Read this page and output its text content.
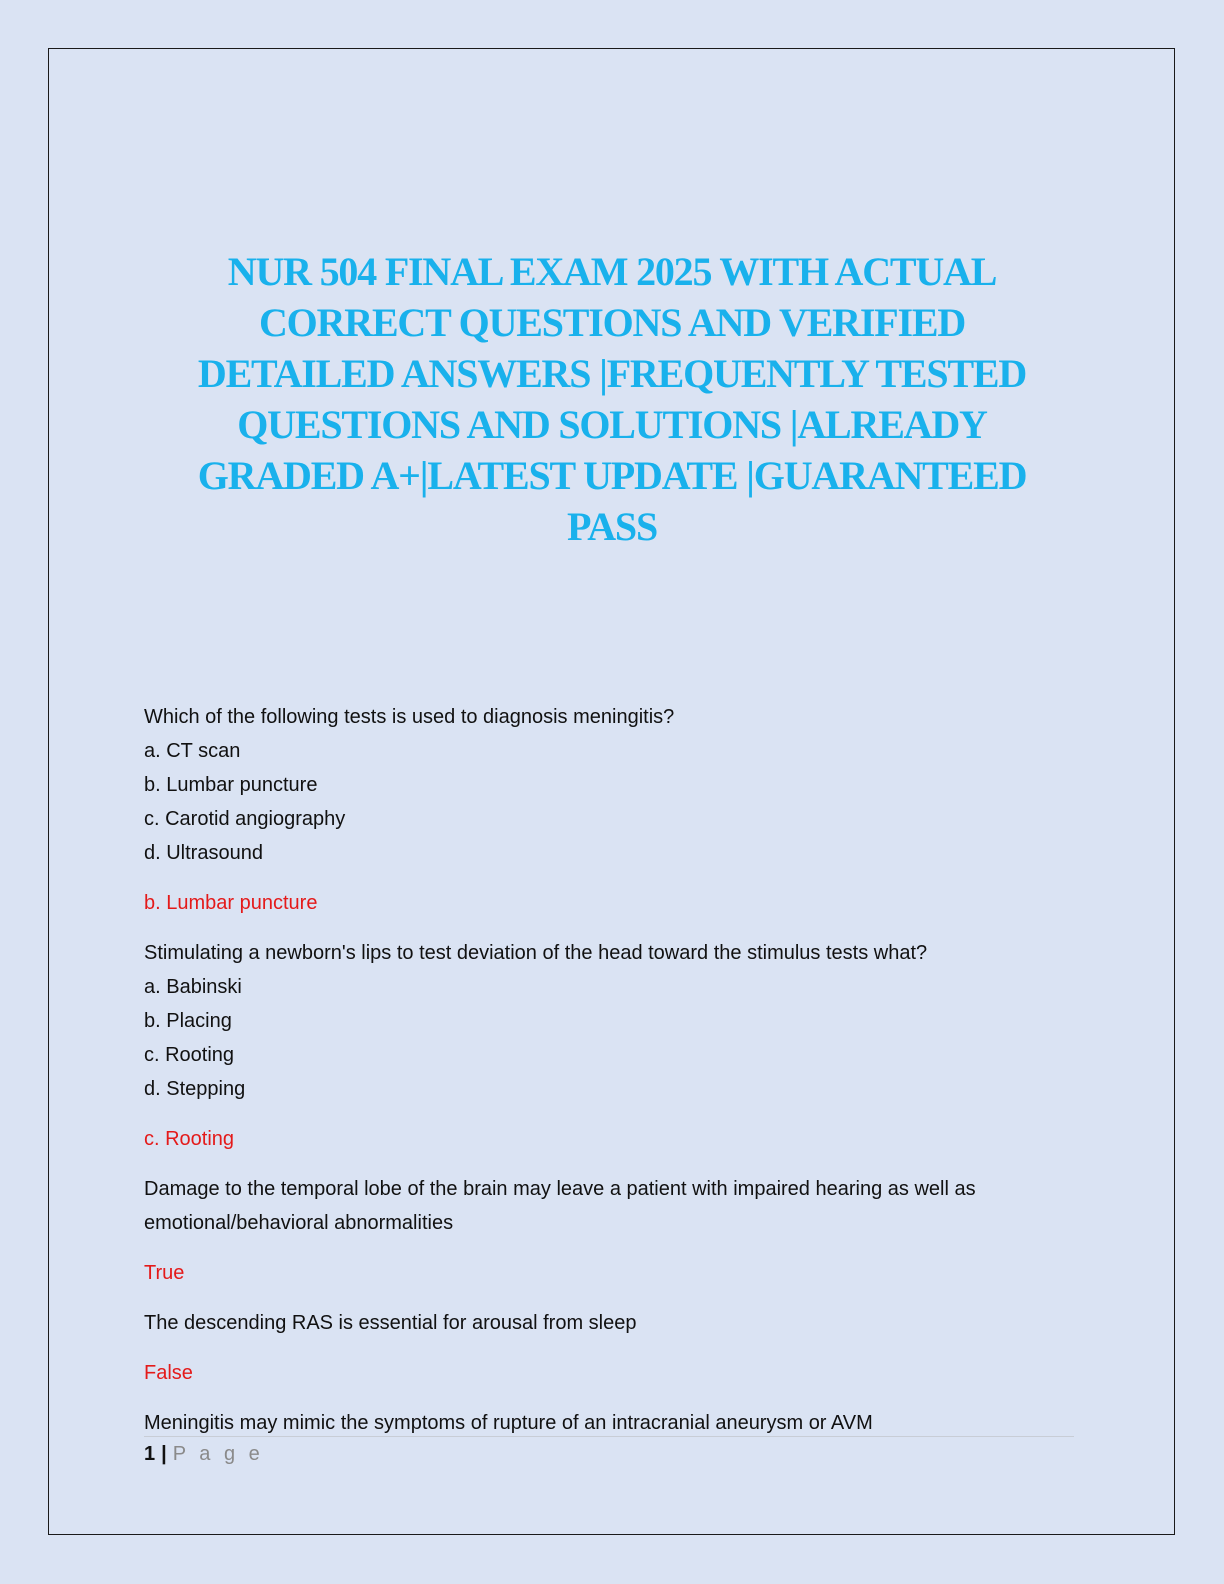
NUR 504 FINAL EXAM 2025 WITH ACTUAL
CORRECT QUESTIONS AND VERIFIED
DETAILED ANSWERS |FREQUENTLY TESTED
QUESTIONS AND SOLUTIONS |ALREADY
GRADED A+|LATEST UPDATE |GUARANTEED
PASS
Which of the following tests is used to diagnosis meningitis?
a. CT scan
b. Lumbar puncture
c. Carotid angiography
d. Ultrasound
b. Lumbar puncture
Stimulating a newborn's lips to test deviation of the head toward the stimulus tests what?
a. Babinski
b. Placing
c. Rooting
d. Stepping
c. Rooting
Damage to the temporal lobe of the brain may leave a patient with impaired hearing as well as emotional/behavioral abnormalities
True
The descending RAS is essential for arousal from sleep
False
Meningitis may mimic the symptoms of rupture of an intracranial aneurysm or AVM
1 | P a g e
